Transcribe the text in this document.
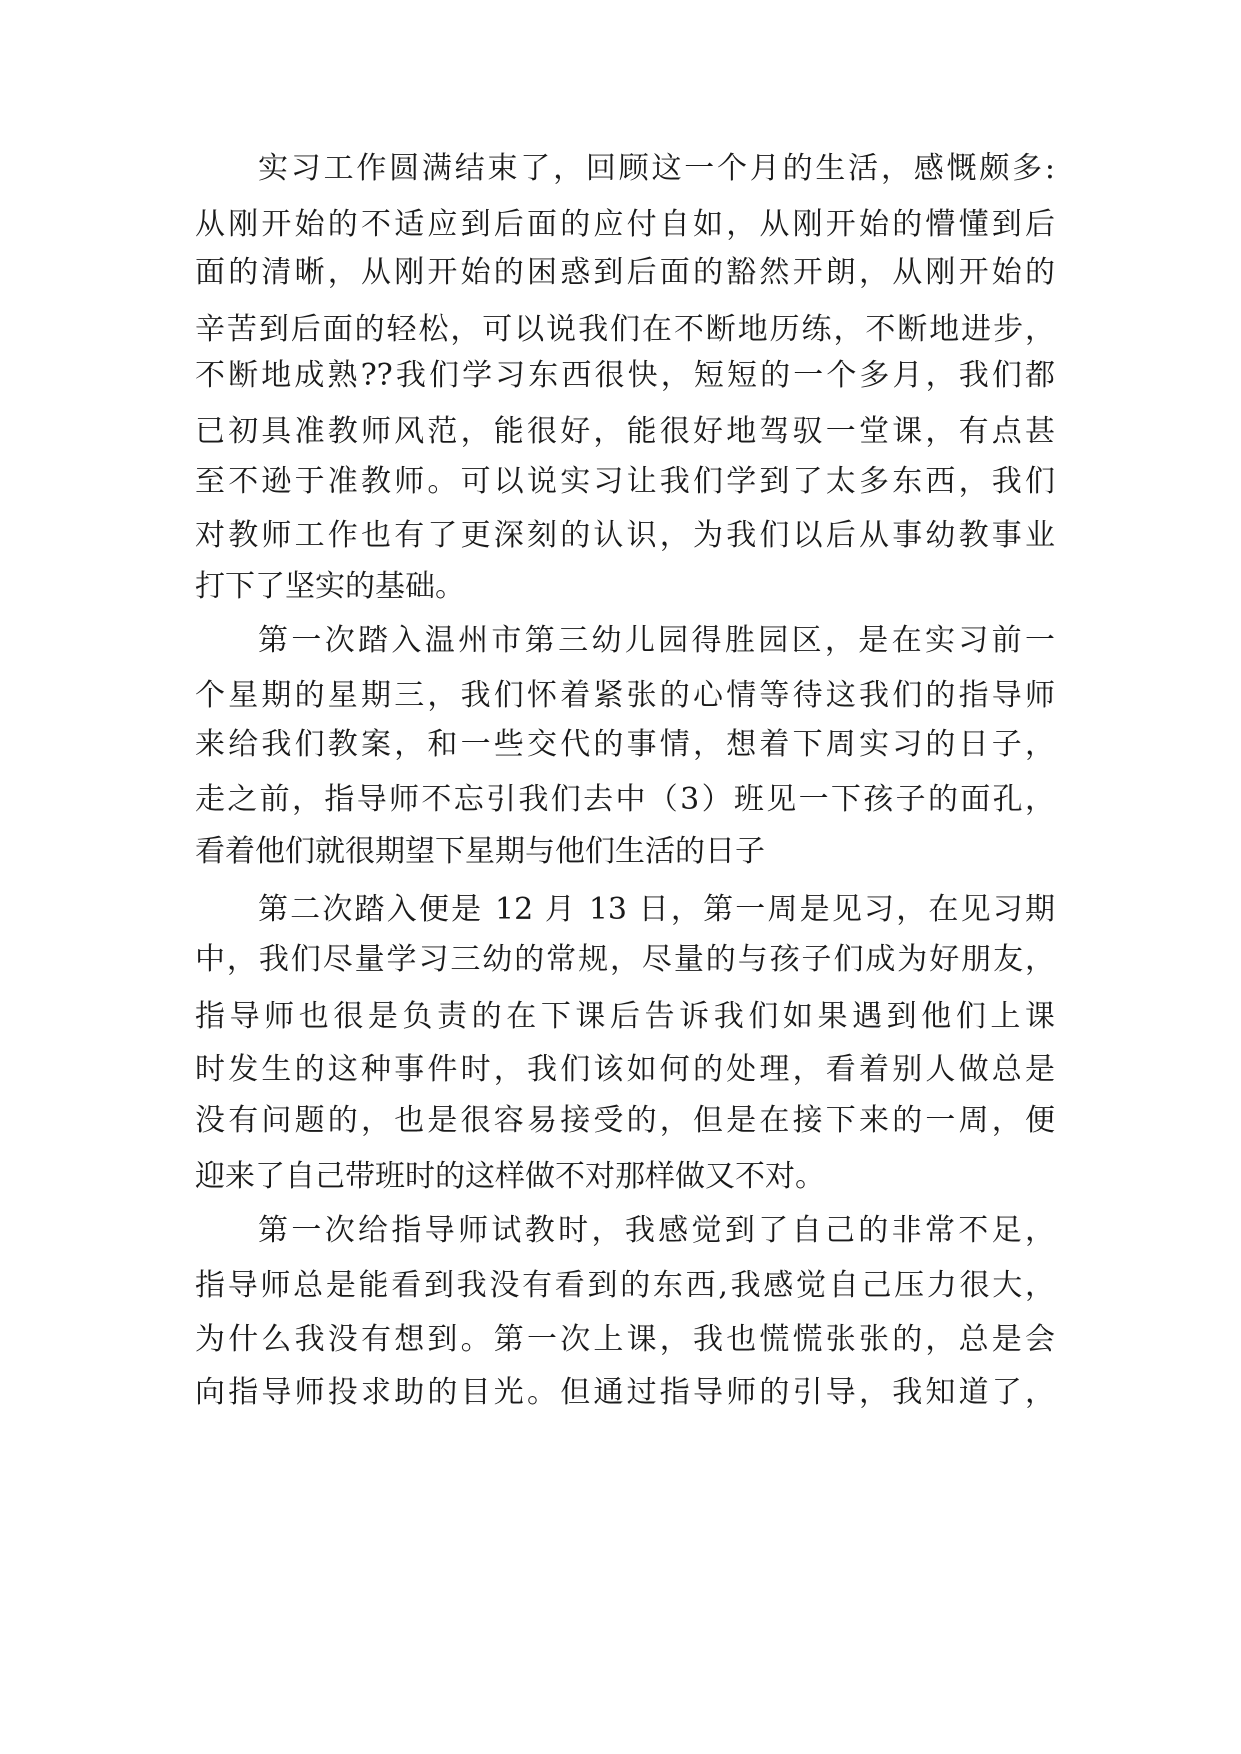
实习工作圆满结束了，回顾这一个月的生活，感慨颇多:
从刚开始的不适应到后面的应付自如，从刚开始的懵懂到后
面的清晰，从刚开始的困惑到后面的豁然开朗，从刚开始的
辛苦到后面的轻松，可以说我们在不断地历练，不断地进步，
不断地成熟??我们学习东西很快，短短的一个多月，我们都
已初具准教师风范，能很好，能很好地驾驭一堂课，有点甚
至不逊于准教师。可以说实习让我们学到了太多东西，我们
对教师工作也有了更深刻的认识，为我们以后从事幼教事业
打下了坚实的基础。
第一次踏入温州市第三幼儿园得胜园区，是在实习前一
个星期的星期三，我们怀着紧张的心情等待这我们的指导师
来给我们教案，和一些交代的事情，想着下周实习的日子，
走之前，指导师不忘引我们去中（3）班见一下孩子的面孔，
看着他们就很期望下星期与他们生活的日子
第二次踏入便是 12 月 13 日，第一周是见习，在见习期
中，我们尽量学习三幼的常规，尽量的与孩子们成为好朋友，
指导师也很是负责的在下课后告诉我们如果遇到他们上课
时发生的这种事件时，我们该如何的处理，看着别人做总是
没有问题的，也是很容易接受的，但是在接下来的一周，便
迎来了自己带班时的这样做不对那样做又不对。
第一次给指导师试教时，我感觉到了自己的非常不足，
指导师总是能看到我没有看到的东西,我感觉自己压力很大，
为什么我没有想到。第一次上课，我也慌慌张张的，总是会
向指导师投求助的目光。但通过指导师的引导，我知道了，
